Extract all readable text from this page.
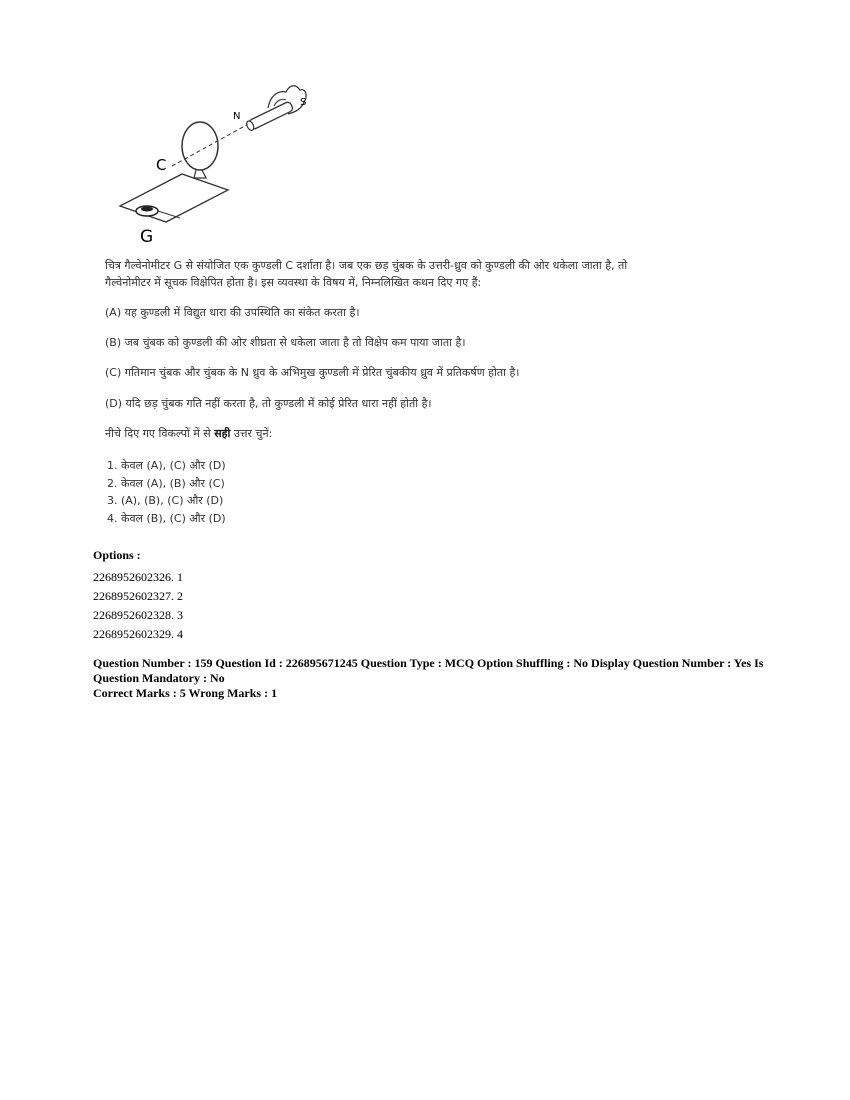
C
G
N
S
चित्र गैल्वेनोमीटर G से संयोजित एक कुण्डली C दर्शाता है। जब एक छड़ चुंबक के उत्तरी-ध्रुव को कुण्डली की ओर धकेला जाता है, तो
गैल्वेनोमीटर में सूचक विक्षेपित होता है। इस व्यवस्था के विषय में, निम्नलिखित कथन दिए गए हैं:
(A) यह कुण्डली में विद्युत धारा की उपस्थिति का संकेत करता है।
(B) जब चुंबक को कुण्डली की ओर शीघ्रता से धकेला जाता है तो विक्षेप कम पाया जाता है।
(C) गतिमान चुंबक और चुंबक के N ध्रुव के अभिमुख कुण्डली में प्रेरित चुंबकीय ध्रुव में प्रतिकर्षण होता है।
(D) यदि छड़ चुंबक गति नहीं करता है, तो कुण्डली में कोई प्रेरित धारा नहीं होती है।
नीचे दिए गए विकल्पों में से सही उत्तर चुनें:
1. केवल (A), (C) और (D)
2. केवल (A), (B) और (C)
3. (A), (B), (C) और (D)
4. केवल (B), (C) और (D)
Options :
2268952602326. 1
2268952602327. 2
2268952602328. 3
2268952602329. 4
Question Number : 159 Question Id : 226895671245 Question Type : MCQ Option Shuffling : No Display Question Number : Yes Is
Question Mandatory : No
Correct Marks : 5 Wrong Marks : 1
